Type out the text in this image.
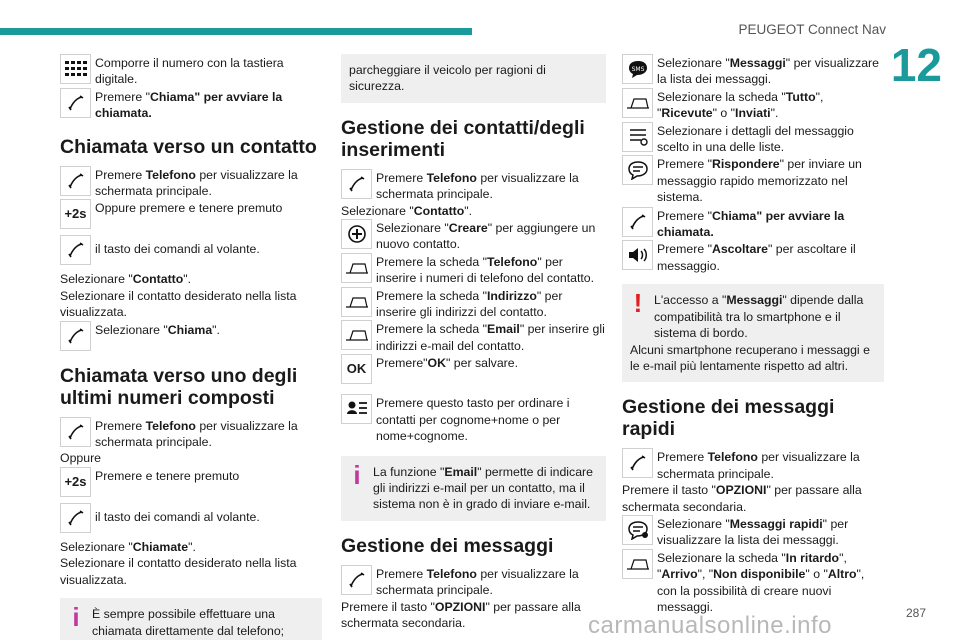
PEUGEOT Connect Nav
12
287
carmanualsonline.info
Comporre il numero con la tastiera digitale.
Premere "Chiama" per avviare la chiamata.
Chiamata verso un contatto
Premere Telefono per visualizzare la schermata principale.
+2s Oppure premere e tenere premuto
il tasto dei comandi al volante.

Selezionare "Contatto".

Selezionare il contatto desiderato nella lista visualizzata.

Selezionare "Chiama".
Chiamata verso uno degli ultimi numeri composti
Premere Telefono per visualizzare la schermata principale.

Oppure

+2s Premere e tenere premuto
il tasto dei comandi al volante.

Selezionare "Chiamate".

Selezionare il contatto desiderato nella lista visualizzata.

i	È sempre possibile effettuare una chiamata direttamente dal telefono;
parcheggiare il veicolo per ragioni di sicurezza.
Gestione dei contatti/degli inserimenti
Premere Telefono per visualizzare la schermata principale.

Selezionare "Contatto".

Selezionare "Creare" per aggiungere un nuovo contatto.
Premere la scheda "Telefono" per inserire i numeri di telefono del contatto.
Premere la scheda "Indirizzo" per inserire gli indirizzi del contatto.
Premere la scheda "Email" per inserire gli indirizzi e-mail del contatto.
OK Premere"OK" per salvare.
Premere questo tasto per ordinare i contatti per cognome+nome o per nome+cognome.
i	La funzione "Email" permette di indicare gli indirizzi e-mail per un contatto, ma il sistema non è in grado di inviare e-mail.
Gestione dei messaggi
Premere Telefono per visualizzare la schermata principale.

Premere il tasto "OPZIONI" per passare alla schermata secondaria.

SMS Selezionare "Messaggi" per visualizzare la lista dei messaggi.
Selezionare la scheda "Tutto", "Ricevute" o "Inviati".
Selezionare i dettagli del messaggio scelto in una delle liste.
Premere "Rispondere" per inviare un messaggio rapido memorizzato nel sistema.
Premere "Chiama" per avviare la chiamata.
Premere "Ascoltare" per ascoltare il messaggio.
! L'accesso a "Messaggi" dipende dalla compatibilità tra lo smartphone e il sistema di bordo.
Alcuni smartphone recuperano i messaggi e le e-mail più lentamente rispetto ad altri.
Gestione dei messaggi rapidi
Premere Telefono per visualizzare la schermata principale.

Premere il tasto "OPZIONI" per passare alla schermata secondaria.

Selezionare "Messaggi rapidi" per visualizzare la lista dei messaggi.
Selezionare la scheda "In ritardo", "Arrivo", "Non disponibile" o "Altro", con la possibilità di creare nuovi messaggi.
